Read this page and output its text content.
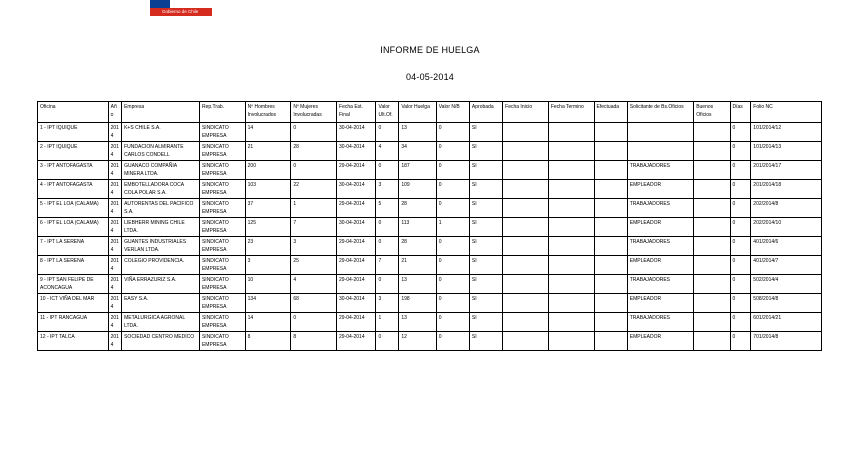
Gobierno de Chile
INFORME DE HUELGA
04-05-2014
Oficina	Año	Empresa	Rep.Trab.	Nº Hombres Involucrados	Nº Mujeres Involucradas	Fecha Est. Final	Valor Ult.Of.	Valor Huelga	Valor N/B	Aprobada	Fecha Inicio	Fecha Termino	Efectuada	Solicitante de Bs.Oficios	Buenos Oficios	Días	Folio NC
1 - IPT IQUIQUE	2014	K+S CHILE S.A.	SINDICATO EMPRESA	14	0	30-04-2014	0	13	0	SI						0	101/2014/12
2 - IPT IQUIQUE	2014	FUNDACION ALMIRANTE CARLOS CONDELL	SINDICATO EMPRESA	21	28	30-04-2014	4	34	0	SI						0	101/2014/13
3 - IPT ANTOFAGASTA	2014	GUANACO COMPAÑIA MINERA LTDA.	SINDICATO EMPRESA	200	0	29-04-2014	0	187	0	SI				TRABAJADORES		0	201/2014/17
4 - IPT ANTOFAGASTA	2014	EMBOTELLADORA COCA COLA POLAR S.A.	SINDICATO EMPRESA	103	22	30-04-2014	3	109	0	SI				EMPLEADOR		0	201/2014/18
5 - IPT EL LOA (CALAMA)	2014	AUTORENTAS DEL PACIFICO S.A.	SINDICATO EMPRESA	37	1	29-04-2014	5	28	0	SI				TRABAJADORES		0	202/2014/8
6 - IPT EL LOA (CALAMA)	2014	LIEBHERR MINING CHILE LTDA.	SINDICATO EMPRESA	125	7	30-04-2014	0	113	1	SI				EMPLEADOR		0	202/2014/10
7 - IPT LA SERENA	2014	GUANTES INDUSTRIALES VERLAN LTDA.	SINDICATO EMPRESA	23	3	29-04-2014	0	28	0	SI				TRABAJADORES		0	401/2014/6
8 - IPT LA SERENA	2014	COLEGIO PROVIDENCIA.	SINDICATO EMPRESA	3	25	29-04-2014	7	21	0	SI				EMPLEADOR		0	401/2014/7
9 - IPT SAN FELIPE DE ACONCAGUA	2014	VIÑA ERRAZURIZ S.A.	SINDICATO EMPRESA	10	4	29-04-2014	0	13	0	SI				TRABAJADORES		0	502/2014/4
10 - ICT VIÑA DEL MAR	2014	EASY S.A.	SINDICATO EMPRESA	134	68	30-04-2014	3	198	0	SI				EMPLEADOR		0	508/2014/8
11 - IPT RANCAGUA	2014	METALURGICA AGRONAL LTDA.	SINDICATO EMPRESA	14	0	29-04-2014	1	13	0	SI				TRABAJADORES		0	601/2014/21
12 - IPT TALCA	2014	SOCIEDAD CENTRO MEDICO	SINDICATO EMPRESA	8	8	29-04-2014	0	12	0	SI				EMPLEADOR		0	701/2014/8
